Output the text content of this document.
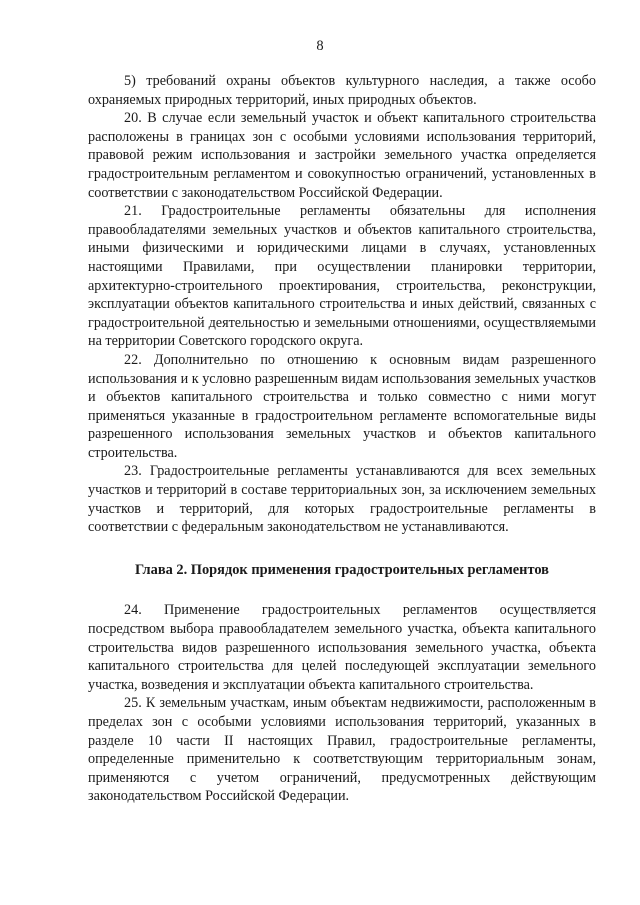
8

5) требований охраны объектов культурного наследия, а также особо охраняемых природных территорий, иных природных объектов.

20. В случае если земельный участок и объект капитального строительства расположены в границах зон с особыми условиями использования территорий, правовой режим использования и застройки земельного участка определяется градостроительным регламентом и совокупностью ограничений, установленных в соответствии с законодательством Российской Федерации.

21. Градостроительные регламенты обязательны для исполнения правообладателями земельных участков и объектов капитального строительства, иными физическими и юридическими лицами в случаях, установленных настоящими Правилами, при осуществлении планировки территории, архитектурно-строительного проектирования, строительства, реконструкции, эксплуатации объектов капитального строительства и иных действий, связанных с градостроительной деятельностью и земельными отношениями, осуществляемыми на территории Советского городского округа.

22. Дополнительно по отношению к основным видам разрешенного использования и к условно разрешенным видам использования земельных участков и объектов капитального строительства и только совместно с ними могут применяться указанные в градостроительном регламенте вспомогательные виды разрешенного использования земельных участков и объектов капитального строительства.

23. Градостроительные регламенты устанавливаются для всех земельных участков и территорий в составе территориальных зон, за исключением земельных участков и территорий, для которых градостроительные регламенты в соответствии с федеральным законодательством не устанавливаются.

Глава 2. Порядок применения градостроительных регламентов

24. Применение градостроительных регламентов осуществляется посредством выбора правообладателем земельного участка, объекта капитального строительства видов разрешенного использования земельного участка, объекта капитального строительства для целей последующей эксплуатации земельного участка, возведения и эксплуатации объекта капитального строительства.

25. К земельным участкам, иным объектам недвижимости, расположенным в пределах зон с особыми условиями использования территорий, указанных в разделе 10 части II настоящих Правил, градостроительные регламенты, определенные применительно к соответствующим территориальным зонам, применяются с учетом ограничений, предусмотренных действующим законодательством Российской Федерации.
